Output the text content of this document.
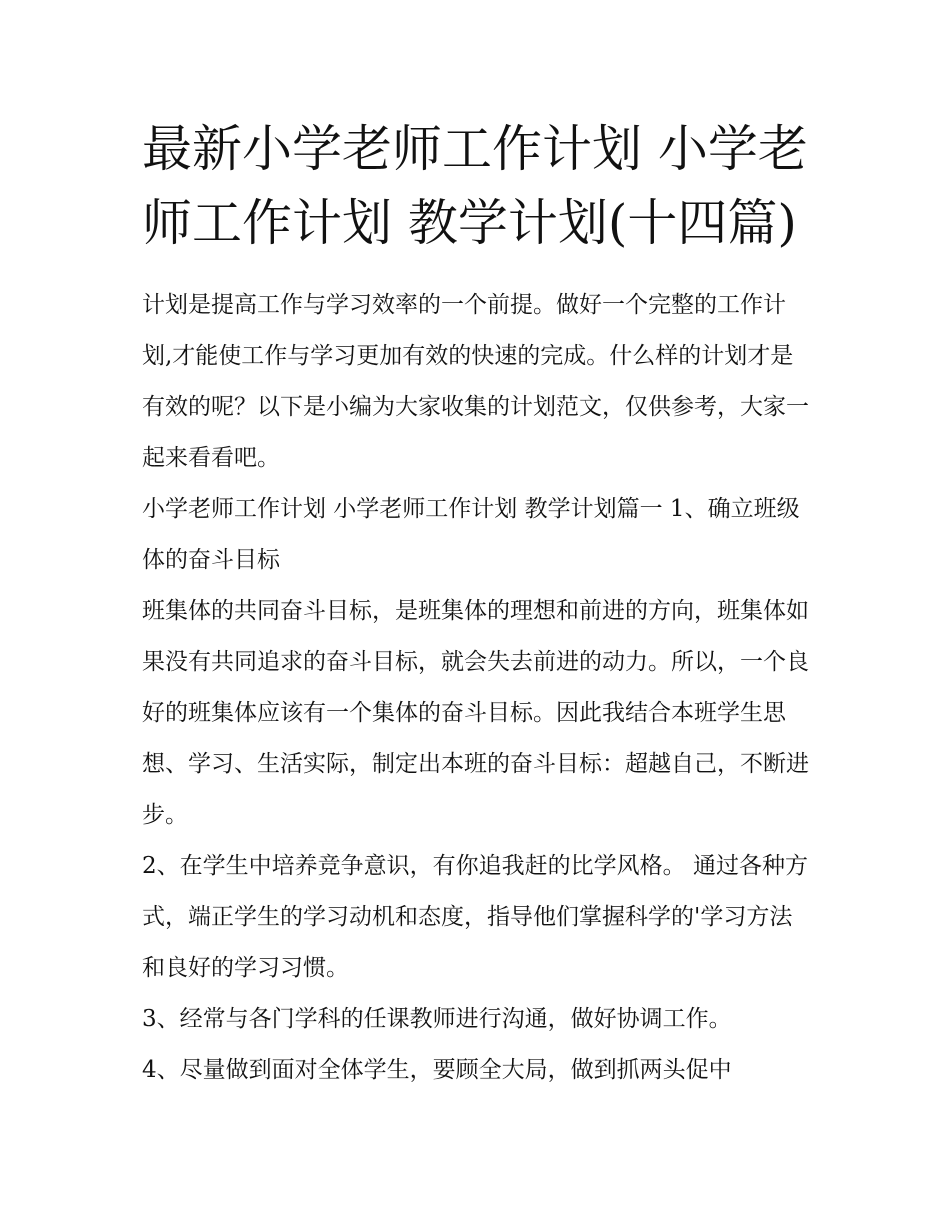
最新小学老师工作计划 小学老师工作计划 教学计划(十四篇)

计划是提高工作与学习效率的一个前提。做好一个完整的工作计划,才能使工作与学习更加有效的快速的完成。什么样的计划才是有效的呢？以下是小编为大家收集的计划范文，仅供参考，大家一起来看看吧。

小学老师工作计划 小学老师工作计划 教学计划篇一 1、确立班级体的奋斗目标

班集体的共同奋斗目标，是班集体的理想和前进的方向，班集体如果没有共同追求的奋斗目标，就会失去前进的动力。所以，一个良好的班集体应该有一个集体的奋斗目标。因此我结合本班学生思想、学习、生活实际，制定出本班的奋斗目标：超越自己，不断进步。

2、在学生中培养竞争意识，有你追我赶的比学风格。 通过各种方式，端正学生的学习动机和态度，指导他们掌握科学的'学习方法和良好的学习习惯。

3、经常与各门学科的任课教师进行沟通，做好协调工作。

4、尽量做到面对全体学生，要顾全大局，做到抓两头促中
